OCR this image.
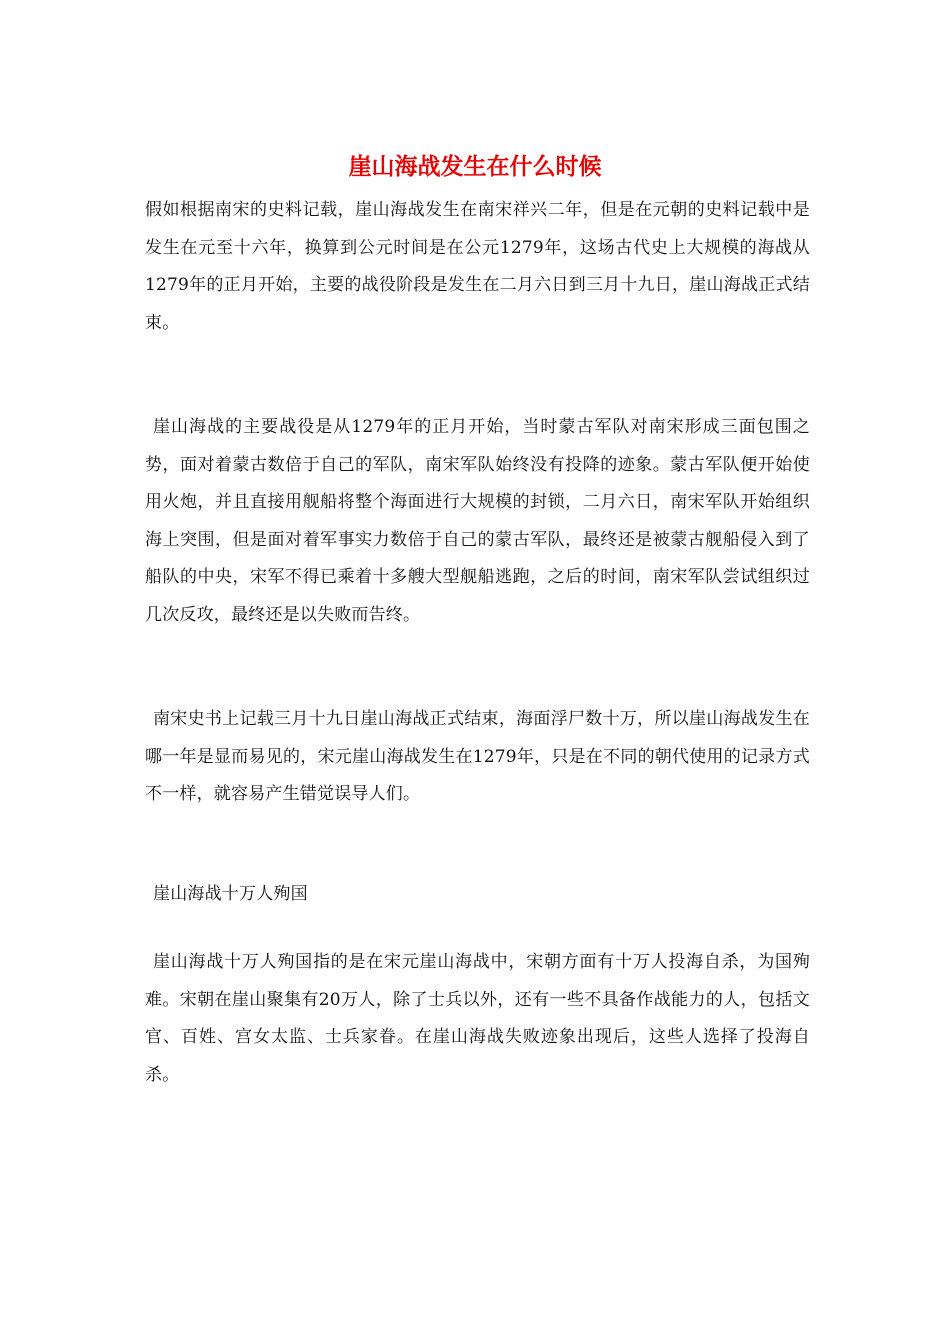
崖山海战发生在什么时候

假如根据南宋的史料记载，崖山海战发生在南宋祥兴二年，但是在元朝的史料记载中是发生在元至十六年，换算到公元时间是在公元1279年，这场古代史上大规模的海战从1279年的正月开始，主要的战役阶段是发生在二月六日到三月十九日，崖山海战正式结束。

崖山海战的主要战役是从1279年的正月开始，当时蒙古军队对南宋形成三面包围之势，面对着蒙古数倍于自己的军队，南宋军队始终没有投降的迹象。蒙古军队便开始使用火炮，并且直接用舰船将整个海面进行大规模的封锁，二月六日，南宋军队开始组织海上突围，但是面对着军事实力数倍于自己的蒙古军队，最终还是被蒙古舰船侵入到了船队的中央，宋军不得已乘着十多艘大型舰船逃跑，之后的时间，南宋军队尝试组织过几次反攻，最终还是以失败而告终。

南宋史书上记载三月十九日崖山海战正式结束，海面浮尸数十万，所以崖山海战发生在哪一年是显而易见的，宋元崖山海战发生在1279年，只是在不同的朝代使用的记录方式不一样，就容易产生错觉误导人们。

崖山海战十万人殉国

崖山海战十万人殉国指的是在宋元崖山海战中，宋朝方面有十万人投海自杀，为国殉难。宋朝在崖山聚集有20万人，除了士兵以外，还有一些不具备作战能力的人，包括文官、百姓、宫女太监、士兵家眷。在崖山海战失败迹象出现后，这些人选择了投海自杀。
